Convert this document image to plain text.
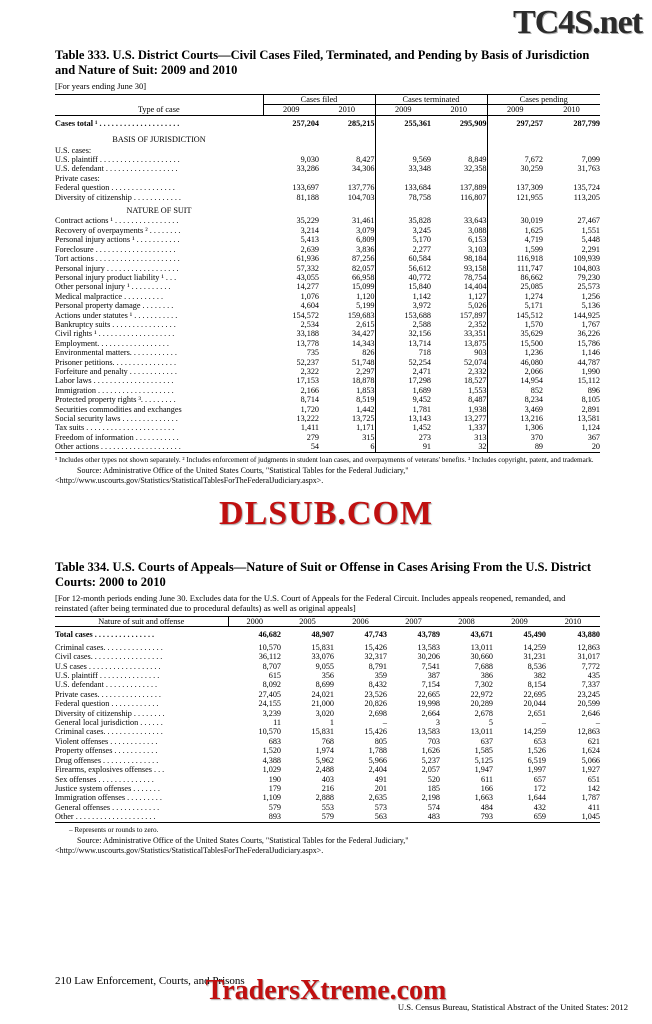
TC4S.net
Table 333. U.S. District Courts—Civil Cases Filed, Terminated, and Pending by Basis of Jurisdiction and Nature of Suit: 2009 and 2010
[For years ending June 30]
Type of case	Cases filed		Cases terminated		Cases pending	
	2009	2010	2009	2010	2009	2010
Cases total ¹ . . . . . . . . . . . . . . . . . . . .	257,204	285,215	255,361	295,909	297,257	287,799
BASIS OF JURISDICTION						
U.S. cases:						
U.S. plaintiff . . . . . . . . . . . . . . . . . . . .	9,030	8,427	9,569	8,849	7,672	7,099
U.S. defendant . . . . . . . . . . . . . . . . . .	33,286	34,306	33,348	32,358	30,259	31,763
Private cases:						
Federal question . . . . . . . . . . . . . . . .	133,697	137,776	133,684	137,889	137,309	135,724
Diversity of citizenship . . . . . . . . . . . .	81,188	104,703	78,758	116,807	121,955	113,205
NATURE OF SUIT						
Contract actions ¹ . . . . . . . . . . . . . . . .	35,229	31,461	35,828	33,643	30,019	27,467
Recovery of overpayments ² . . . . . . . .	3,214	3,079	3,245	3,088	1,625	1,551
Personal injury actions ¹ . . . . . . . . . . .	5,413	6,809	5,170	6,153	4,719	5,448
Foreclosure . . . . . . . . . . . . . . . . . . . .	2,639	3,836	2,277	3,103	1,599	2,291
Tort actions . . . . . . . . . . . . . . . . . . . . .	61,936	87,256	60,584	98,184	116,918	109,939
Personal injury . . . . . . . . . . . . . . . . . .	57,332	82,057	56,612	93,158	111,747	104,803
Personal injury product liability ¹ . . .	43,055	66,958	40,772	78,754	86,662	79,230
Other personal injury ¹ . . . . . . . . . .	14,277	15,099	15,840	14,404	25,085	25,573
Medical malpractice . . . . . . . . . .	1,076	1,120	1,142	1,127	1,274	1,256
Personal property damage . . . . . . . .	4,604	5,199	3,972	5,026	5,171	5,136
Actions under statutes ¹ . . . . . . . . . . .	154,572	159,683	153,688	157,897	145,512	144,925
Bankruptcy suits . . . . . . . . . . . . . . . .	2,534	2,615	2,588	2,352	1,570	1,767
Civil rights ¹ . . . . . . . . . . . . . . . . . . .	33,188	34,427	32,156	33,351	35,629	36,226
Employment. . . . . . . . . . . . . . . . . .	13,778	14,343	13,714	13,875	15,500	15,786
Environmental matters. . . . . . . . . . . .	735	826	718	903	1,236	1,146
Prisoner petitions. . . . . . . . . . . . . . . .	52,237	51,748	52,254	52,074	46,080	44,787
Forfeiture and penalty . . . . . . . . . . . .	2,322	2,297	2,471	2,332	2,066	1,990
Labor laws . . . . . . . . . . . . . . . . . . . .	17,153	18,878	17,298	18,527	14,954	15,112
Immigration . . . . . . . . . . . . . . . . . . .	2,166	1,853	1,689	1,553	852	896
Protected property rights ³. . . . . . . . .	8,714	8,519	9,452	8,487	8,234	8,105
Securities commodities and exchanges	1,720	1,442	1,781	1,938	3,469	2,891
Social security laws . . . . . . . . . . . . . .	13,222	13,725	13,143	13,277	13,216	13,581
Tax suits . . . . . . . . . . . . . . . . . . . . . .	1,411	1,171	1,452	1,337	1,306	1,124
Freedom of information . . . . . . . . . . .	279	315	273	313	370	367
Other actions . . . . . . . . . . . . . . . . . . . .	54	6	91	32	89	20
¹ Includes other types not shown separately. ² Includes enforcement of judgments in student loan cases, and overpayments of veterans' benefits. ³ Includes copyright, patent, and trademark.
Source: Administrative Office of the United States Courts, "Statistical Tables for the Federal Judiciary,"
<http://www.uscourts.gov/Statistics/StatisticalTablesForTheFederalJudiciary.aspx>.
DLSUB.COM
Table 334. U.S. Courts of Appeals—Nature of Suit or Offense in Cases Arising From the U.S. District Courts: 2000 to 2010
[For 12-month periods ending June 30. Excludes data for the U.S. Court of Appeals for the Federal Circuit. Includes appeals reopened, remanded, and reinstated (after being terminated due to procedural defaults) as well as original appeals]
Nature of suit and offense	2000	2005	2006	2007	2008	2009	2010
Total cases . . . . . . . . . . . . . . .	46,682	48,907	47,743	43,789	43,671	45,490	43,880
Criminal cases. . . . . . . . . . . . . . .	10,570	15,831	15,426	13,583	13,011	14,259	12,863
Civil cases. . . . . . . . . . . . . . . . . .	36,112	33,076	32,317	30,206	30,660	31,231	31,017
U.S cases . . . . . . . . . . . . . . . . . .	8,707	9,055	8,791	7,541	7,688	8,536	7,772
U.S. plaintiff . . . . . . . . . . . . . . .	615	356	359	387	386	382	435
U.S. defendant . . . . . . . . . . . . .	8,092	8,699	8,432	7,154	7,302	8,154	7,337
Private cases. . . . . . . . . . . . . . . .	27,405	24,021	23,526	22,665	22,972	22,695	23,245
Federal question . . . . . . . . . . . .	24,155	21,000	20,826	19,998	20,289	20,044	20,599
Diversity of citizenship . . . . . . . .	3,239	3,020	2,698	2,664	2,678	2,651	2,646
General local jurisdiction . . . . . .	11	1	–	3	5	–	–
Criminal cases. . . . . . . . . . . . . . .	10,570	15,831	15,426	13,583	13,011	14,259	12,863
Violent offenses . . . . . . . . . . . .	683	768	805	703	637	653	621
Property offenses . . . . . . . . . . .	1,520	1,974	1,788	1,626	1,585	1,526	1,624
Drug offenses . . . . . . . . . . . . . .	4,388	5,962	5,966	5,237	5,125	6,519	5,066
Firearms, explosives offenses . . .	1,029	2,488	2,404	2,057	1,947	1,997	1,927
Sex offenses . . . . . . . . . . . . . .	190	403	491	520	611	657	651
Justice system offenses . . . . . . .	179	216	201	185	166	172	142
Immigration offenses . . . . . . . . .	1,109	2,888	2,635	2,198	1,663	1,644	1,787
General offenses . . . . . . . . . . . .	579	553	573	574	484	432	411
Other . . . . . . . . . . . . . . . . . . . .	893	579	563	483	793	659	1,045
– Represents or rounds to zero.
Source: Administrative Office of the United States Courts, "Statistical Tables for the Federal Judiciary,"
<http://www.uscourts.gov/Statistics/StatisticalTablesForTheFederalJudiciary.aspx>.
210 Law Enforcement, Courts, and Prisons
U.S. Census Bureau, Statistical Abstract of the United States: 2012
TradersXtreme.com
